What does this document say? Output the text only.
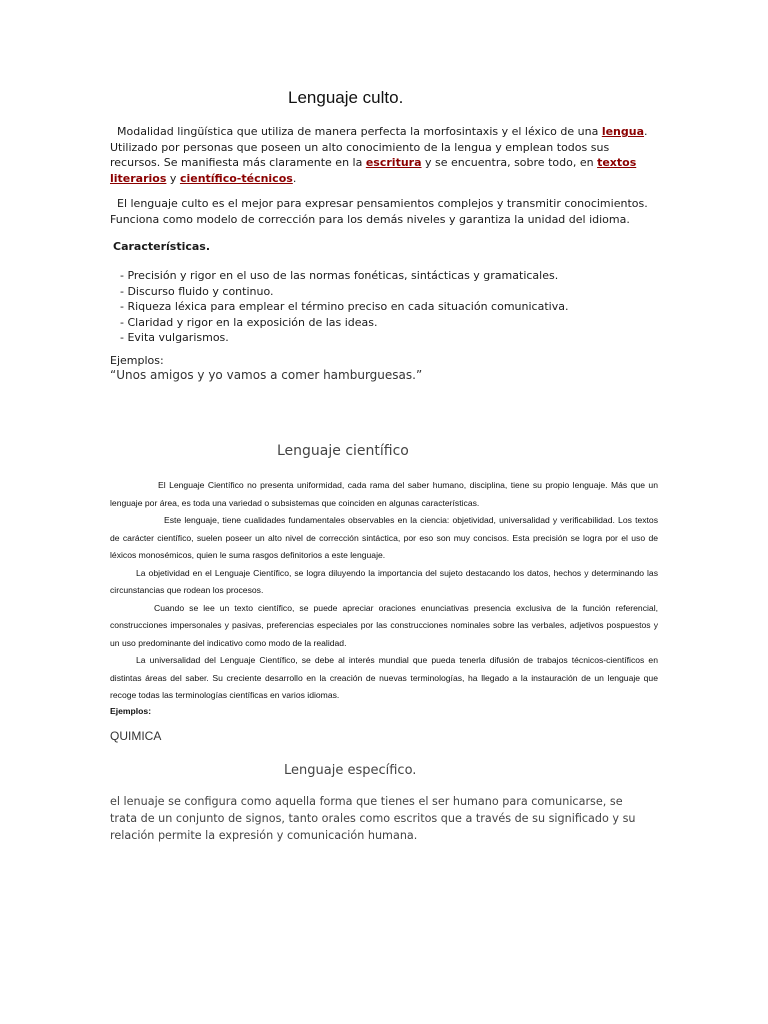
Lenguaje culto.
Modalidad lingüística que utiliza de manera perfecta la morfosintaxis y el léxico de una lengua. Utilizado por personas que poseen un alto conocimiento de la lengua y emplean todos sus recursos. Se manifiesta más claramente en la escritura y se encuentra, sobre todo, en textos literarios y científico-técnicos.
El lenguaje culto es el mejor para expresar pensamientos complejos y transmitir conocimientos. Funciona como modelo de corrección para los demás niveles y garantiza la unidad del idioma.
Características.
- Precisión y rigor en el uso de las normas fonéticas, sintácticas y gramaticales.
- Discurso fluido y continuo.
- Riqueza léxica para emplear el término preciso en cada situación comunicativa.
- Claridad y rigor en la exposición de las ideas.
- Evita vulgarismos.
Ejemplos:
“Unos amigos y yo vamos a comer hamburguesas.”
Lenguaje científico

El Lenguaje Científico no presenta uniformidad, cada rama del saber humano, disciplina, tiene su propio lenguaje. Más que un lenguaje por área, es toda una variedad o subsistemas que coinciden en algunas características.

Este lenguaje, tiene cualidades fundamentales observables en la ciencia: objetividad, universalidad y verificabilidad. Los textos de carácter científico, suelen poseer un alto nivel de corrección sintáctica, por eso son muy concisos. Esta precisión se logra por el uso de léxicos monosémicos, quien le suma rasgos definitorios a este lenguaje.

La objetividad en el Lenguaje Científico, se logra diluyendo la importancia del sujeto destacando los datos, hechos y determinando las circunstancias que rodean los procesos.

Cuando se lee un texto científico, se puede apreciar oraciones enunciativas presencia exclusiva de la función referencial, construcciones impersonales y pasivas, preferencias especiales por las construcciones nominales sobre las verbales, adjetivos pospuestos y un uso predominante del indicativo como modo de la realidad.

La universalidad del Lenguaje Científico, se debe al interés mundial que pueda tenerla difusión de trabajos técnicos-científicos en distintas áreas del saber. Su creciente desarrollo en la creación de nuevas terminologías, ha llegado a la instauración de un lenguaje que recoge todas las terminologías científicas en varios idiomas.

Ejemplos:

QUIMICA
Lenguaje específico.
el lenuaje se configura como aquella forma que tienes el ser humano para comunicarse, se trata de un conjunto de signos, tanto orales como escritos que a través de su significado y su relación permite la expresión y comunicación humana.
